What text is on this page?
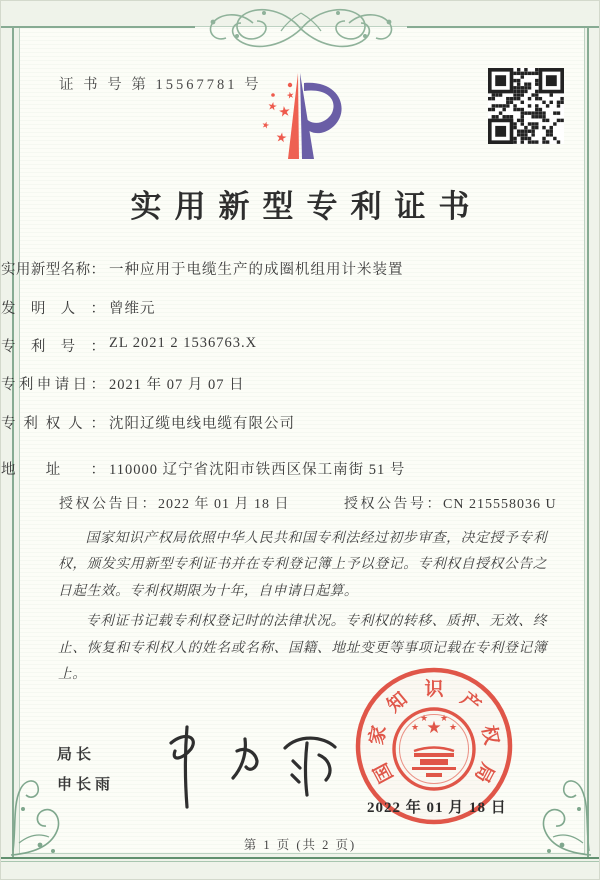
证 书 号 第 15567781 号
★
★
★
★
★
实用新型专利证书
实用新型名称： 一种应用于电缆生产的成圈机组用计米装置
发明人： 曾维元
专利号： ZL 2021 2 1536763.X
专利申请日： 2021 年 07 月 07 日
专利权人： 沈阳辽缆电线电缆有限公司
地址： 110000 辽宁省沈阳市铁西区保工南街 51 号
授权公告日：2022 年 01 月 18 日	授权公告号：CN 215558036 U

国家知识产权局依照中华人民共和国专利法经过初步审查，决定授予专利权，颁发实用新型专利证书并在专利登记簿上予以登记。专利权自授权公告之日起生效。专利权期限为十年，自申请日起算。

专利证书记载专利权登记时的法律状况。专利权的转移、质押、无效、终止、恢复和专利权人的姓名或名称、国籍、地址变更等事项记载在专利登记簿上。

局长
申长雨	国
家
知 识 产
权
局
★
★
★ ★
★
2022 年 01 月 18 日
第 1 页 (共 2 页)
